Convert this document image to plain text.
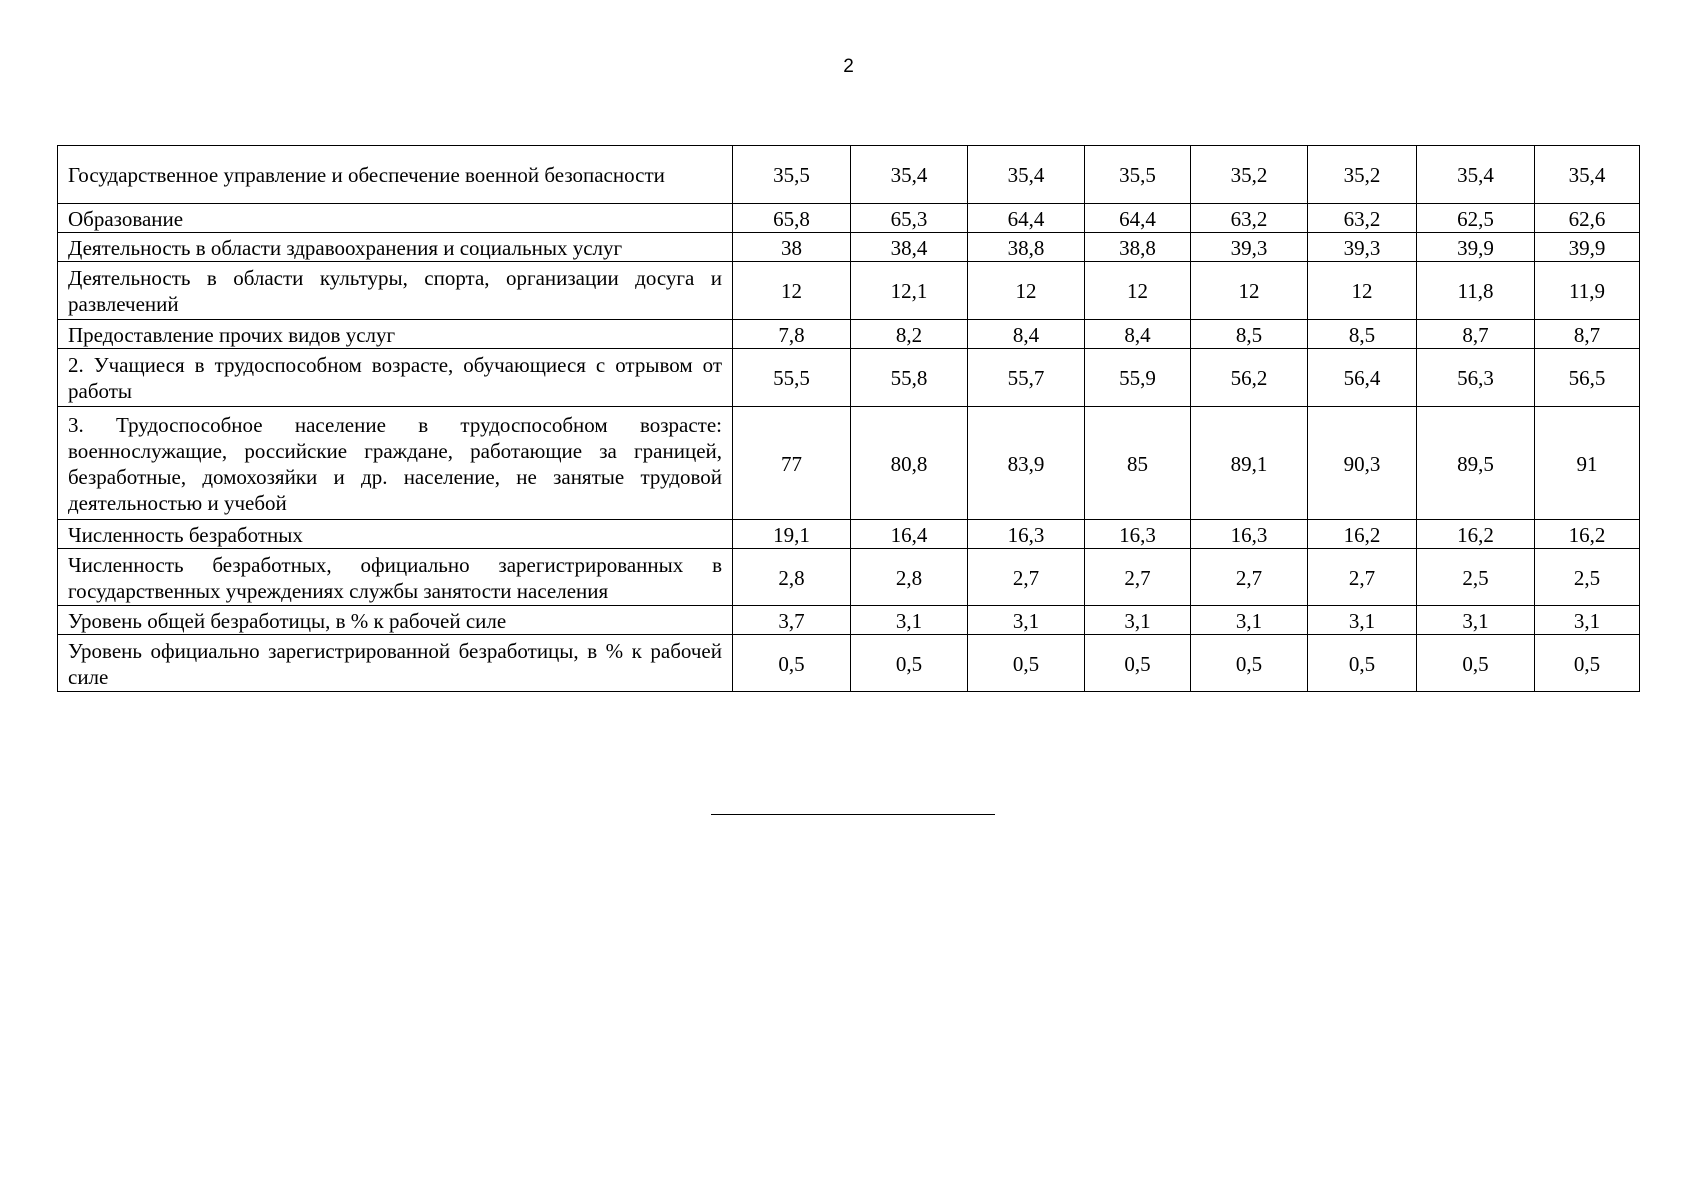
2
Государственное управление и обеспечение военной безопасности	35,5	35,4	35,4	35,5	35,2	35,2	35,4	35,4
Образование	65,8	65,3	64,4	64,4	63,2	63,2	62,5	62,6
Деятельность в области здравоохранения и социальных услуг	38	38,4	38,8	38,8	39,3	39,3	39,9	39,9
Деятельность в области культуры, спорта, организации досуга и развлечений	12	12,1	12	12	12	12	11,8	11,9
Предоставление прочих видов услуг	7,8	8,2	8,4	8,4	8,5	8,5	8,7	8,7
2. Учащиеся в трудоспособном возрасте, обучающиеся с отрывом от работы	55,5	55,8	55,7	55,9	56,2	56,4	56,3	56,5
3. Трудоспособное население в трудоспособном возрасте: военнослужащие, российские граждане, работающие за границей, безработные, домохозяйки и др. население, не занятые трудовой деятельностью и учебой	77	80,8	83,9	85	89,1	90,3	89,5	91
Численность безработных	19,1	16,4	16,3	16,3	16,3	16,2	16,2	16,2
Численность безработных, официально зарегистрированных в государственных учреждениях службы занятости населения	2,8	2,8	2,7	2,7	2,7	2,7	2,5	2,5
Уровень общей безработицы, в % к рабочей силе	3,7	3,1	3,1	3,1	3,1	3,1	3,1	3,1
Уровень официально зарегистрированной безработицы, в % к рабочей силе	0,5	0,5	0,5	0,5	0,5	0,5	0,5	0,5
